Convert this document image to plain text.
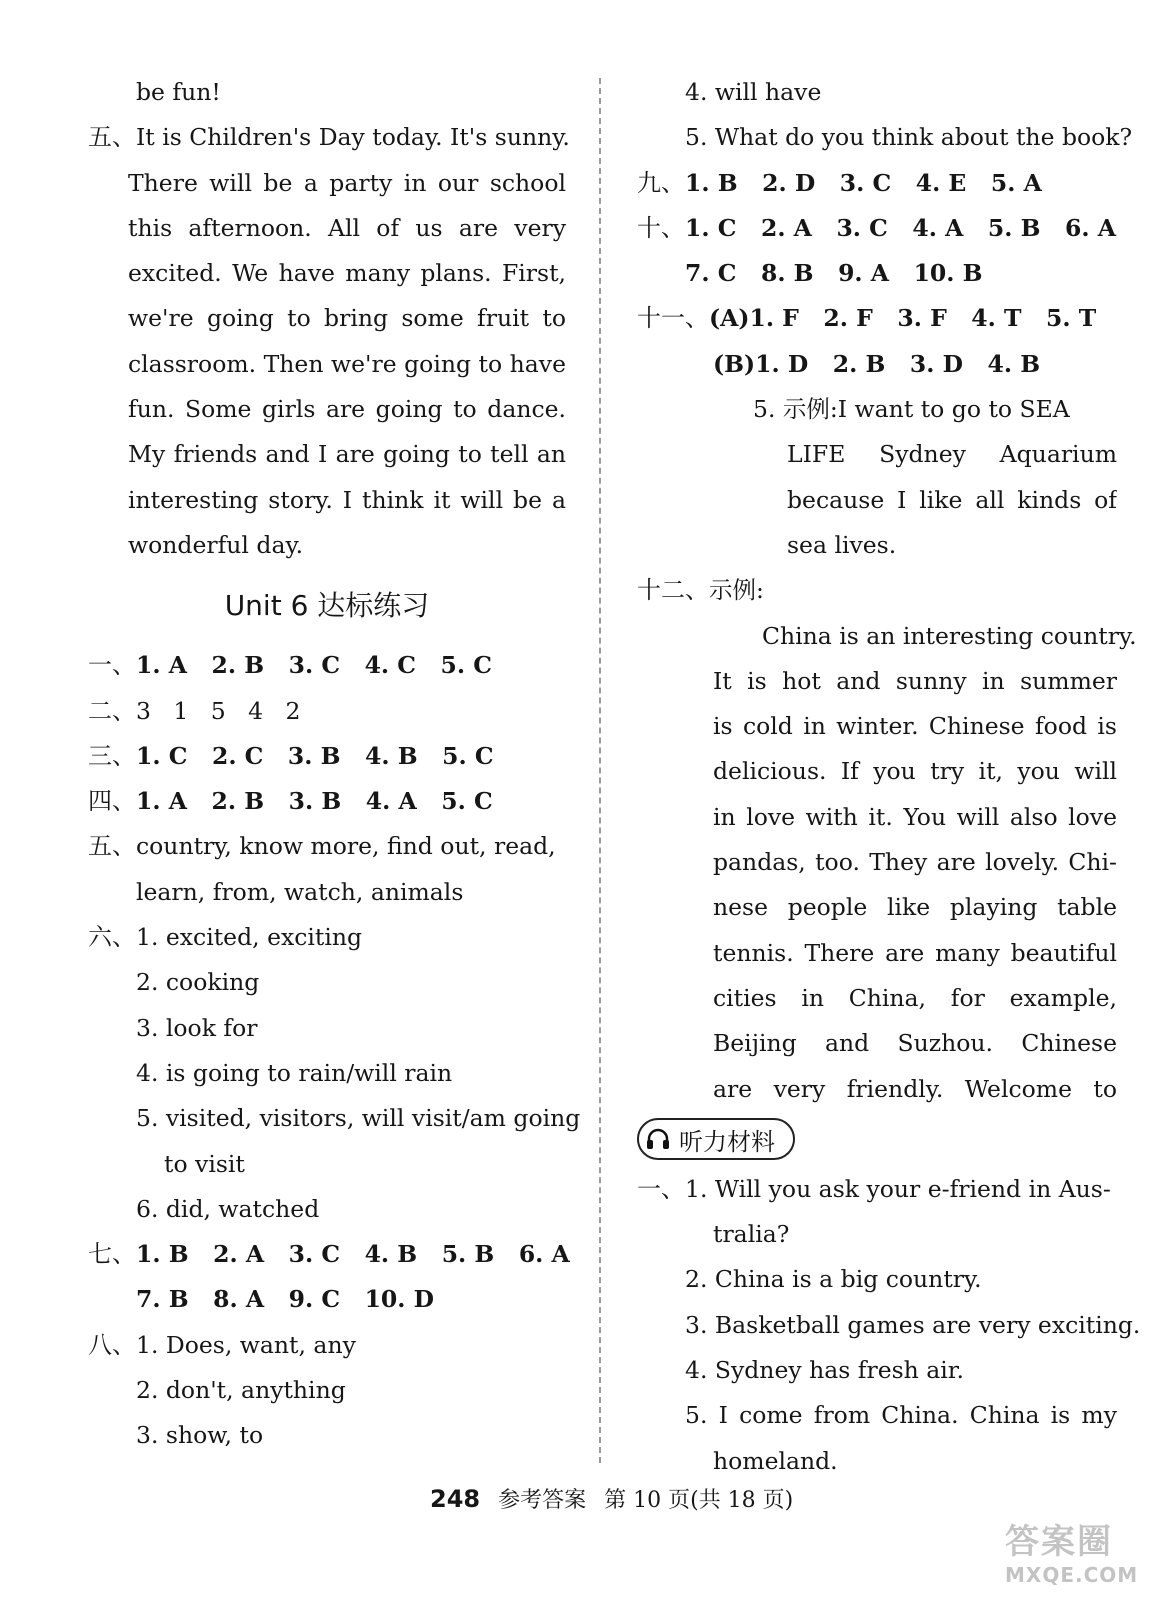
be fun!
五、It is Children's Day today. It's sunny.
There will be a party in our school
this afternoon. All of us are very
excited. We have many plans. First,
we're going to bring some fruit to
classroom. Then we're going to have
fun. Some girls are going to dance.
My friends and I are going to tell an
interesting story. I think it will be a
wonderful day.
Unit 6 达标练习
一、1. A   2. B   3. C   4. C   5. C
二、3   1   5   4   2
三、1. C   2. C   3. B   4. B   5. C
四、1. A   2. B   3. B   4. A   5. C
五、country, know more, find out, read,
learn, from, watch, animals
六、1. excited, exciting
2. cooking
3. look for
4. is going to rain/will rain
5. visited, visitors, will visit/am going
to visit
6. did, watched
七、1. B   2. A   3. C   4. B   5. B   6. A
7. B   8. A   9. C   10. D
八、1. Does, want, any
2. don't, anything
3. show, to
4. will have
5. What do you think about the book?
九、1. B   2. D   3. C   4. E   5. A
十、1. C   2. A   3. C   4. A   5. B   6. A
7. C   8. B   9. A   10. B
十一、(A)1. F   2. F   3. F   4. T   5. T
(B)1. D   2. B   3. D   4. B
5. 示例:I want to go to SEA
LIFE Sydney Aquarium
because I like all kinds of
sea lives.
十二、示例:
China is an interesting country.
It is hot and sunny in summer
is cold in winter. Chinese food is
delicious. If you try it, you will
in love with it. You will also love
pandas, too. They are lovely. Chi-
nese people like playing table
tennis. There are many beautiful
cities in China, for example,
Beijing and Suzhou. Chinese
are very friendly. Welcome to
听力材料
一、1. Will you ask your e-friend in Aus-
tralia?
2. China is a big country.
3. Basketball games are very exciting.
4. Sydney has fresh air.
5. I come from China. China is my
homeland.
248 参考答案 第 10 页(共 18 页)
答案圈
MXQE.COM
